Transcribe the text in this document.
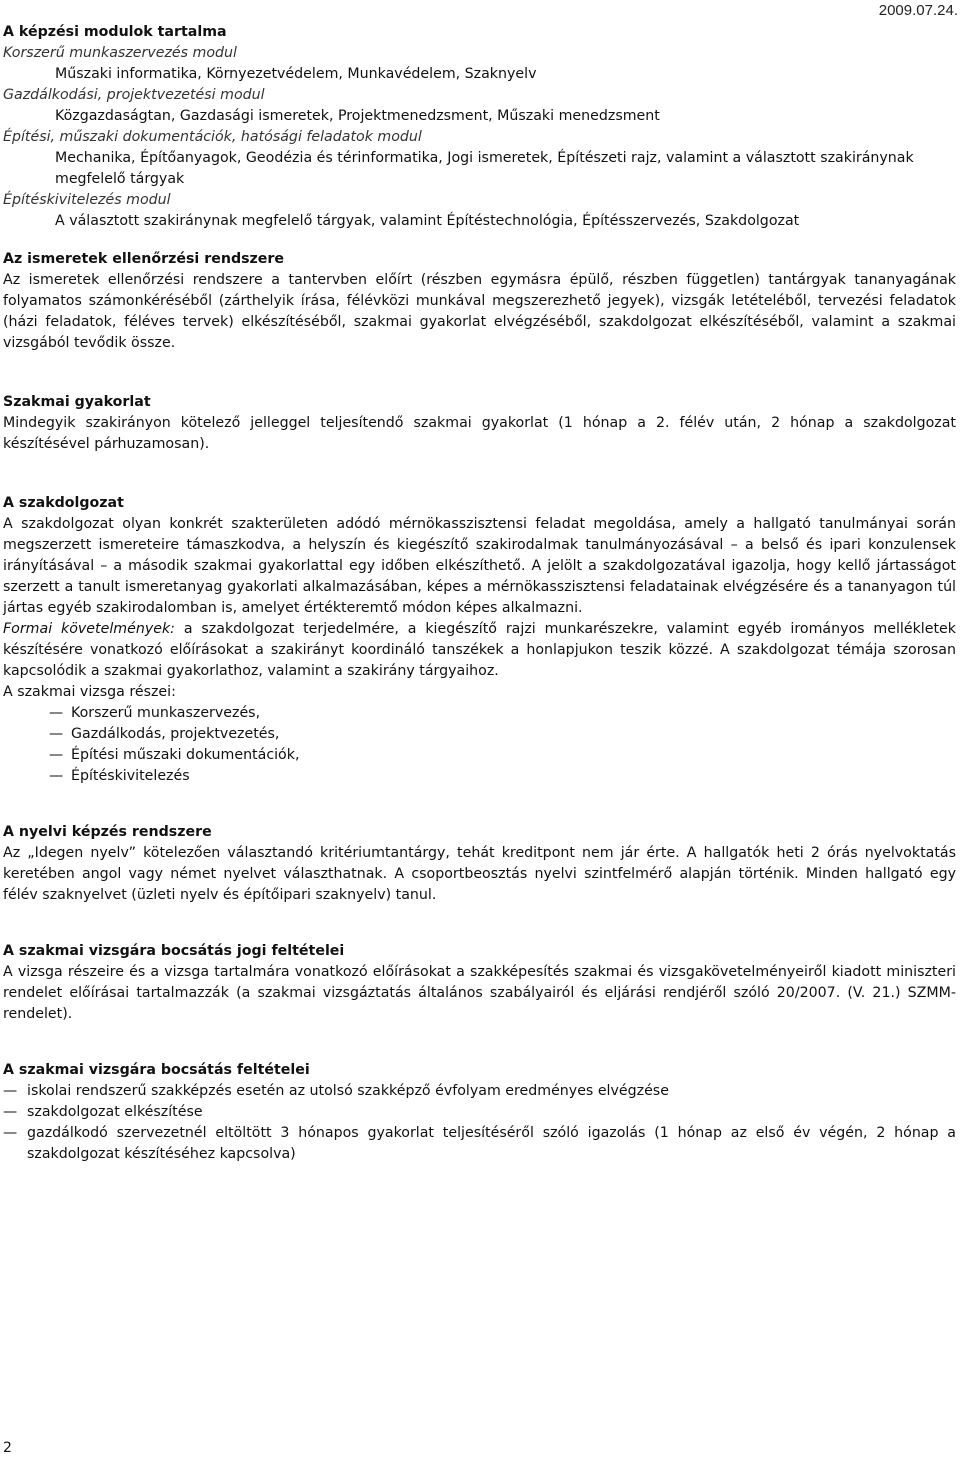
2009.07.24.

A képzési modulok tartalma

Korszerű munkaszervezés modul

Műszaki informatika, Környezetvédelem, Munkavédelem, Szaknyelv

Gazdálkodási, projektvezetési modul

Közgazdaságtan, Gazdasági ismeretek, Projektmenedzsment, Műszaki menedzsment

Építési, műszaki dokumentációk, hatósági feladatok modul

Mechanika, Építőanyagok, Geodézia és térinformatika, Jogi ismeretek, Építészeti rajz, valamint a választott szakiránynak megfelelő tárgyak

Építéskivitelezés modul

A választott szakiránynak megfelelő tárgyak, valamint Építéstechnológia, Építésszervezés, Szakdolgozat

Az ismeretek ellenőrzési rendszere

Az ismeretek ellenőrzési rendszere a tantervben előírt (részben egymásra épülő, részben független) tantárgyak tananyagának folyamatos számonkéréséből (zárthelyik írása, félévközi munkával megszerezhető jegyek), vizsgák letételéből, tervezési feladatok (házi feladatok, féléves tervek) elkészítéséből, szakmai gyakorlat elvégzéséből, szakdolgozat elkészítéséből, valamint a szakmai vizsgából tevődik össze.

Szakmai gyakorlat

Mindegyik szakirányon kötelező jelleggel teljesítendő szakmai gyakorlat (1 hónap a 2. félév után, 2 hónap a szakdolgozat készítésével párhuzamosan).

A szakdolgozat

A szakdolgozat olyan konkrét szakterületen adódó mérnökasszisztensi feladat megoldása, amely a hallgató tanulmányai során megszerzett ismereteire támaszkodva, a helyszín és kiegészítő szakirodalmak tanulmányozásával – a belső és ipari konzulensek irányításával – a második szakmai gyakorlattal egy időben elkészíthető. A jelölt a szakdolgozatával igazolja, hogy kellő jártasságot szerzett a tanult ismeretanyag gyakorlati alkalmazásában, képes a mérnökasszisztensi feladatainak elvégzésére és a tananyagon túl jártas egyéb szakirodalomban is, amelyet értékteremtő módon képes alkalmazni.

Formai követelmények: a szakdolgozat terjedelmére, a kiegészítő rajzi munkarészekre, valamint egyéb irományos mellékletek készítésére vonatkozó előírásokat a szakirányt koordináló tanszékek a honlapjukon teszik közzé. A szakdolgozat témája szorosan kapcsolódik a szakmai gyakorlathoz, valamint a szakirány tárgyaihoz.

A szakmai vizsga részei:

— Korszerű munkaszervezés,
— Gazdálkodás, projektvezetés,
— Építési műszaki dokumentációk,
— Építéskivitelezés

A nyelvi képzés rendszere

Az „Idegen nyelv” kötelezően választandó kritériumtantárgy, tehát kreditpont nem jár érte. A hallgatók heti 2 órás nyelvoktatás keretében angol vagy német nyelvet választhatnak. A csoportbeosztás nyelvi szintfelmérő alapján történik. Minden hallgató egy félév szaknyelvet (üzleti nyelv és építőipari szaknyelv) tanul.

A szakmai vizsgára bocsátás jogi feltételei

A vizsga részeire és a vizsga tartalmára vonatkozó előírásokat a szakképesítés szakmai és vizsgakövetelményeiről kiadott miniszteri rendelet előírásai tartalmazzák (a szakmai vizsgáztatás általános szabályairól és eljárási rendjéről szóló 20/2007. (V. 21.) SZMM-rendelet).

A szakmai vizsgára bocsátás feltételei

— iskolai rendszerű szakképzés esetén az utolsó szakképző évfolyam eredményes elvégzése
— szakdolgozat elkészítése
— gazdálkodó szervezetnél eltöltött 3 hónapos gyakorlat teljesítéséről szóló igazolás (1 hónap az első év végén, 2 hónap a szakdolgozat készítéséhez kapcsolva)
2
